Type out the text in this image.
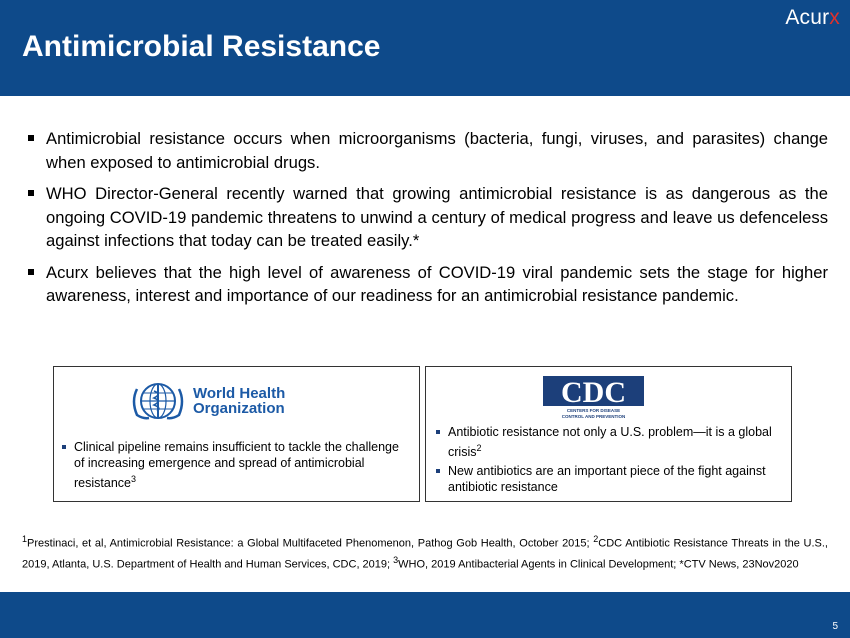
Acurx
Antimicrobial Resistance
Antimicrobial resistance occurs when microorganisms (bacteria, fungi, viruses, and parasites) change when exposed to antimicrobial drugs.
WHO Director-General recently warned that growing antimicrobial resistance is as dangerous as the ongoing COVID-19 pandemic threatens to unwind a century of medical progress and leave us defenceless against infections that today can be treated easily.*
Acurx believes that the high level of awareness of COVID-19 viral pandemic sets the stage for higher awareness, interest and importance of our readiness for an antimicrobial resistance pandemic.
World Health
Organization
Clinical pipeline remains insufficient to tackle the challenge of increasing emergence and spread of antimicrobial resistance$^3$
CDC
CENTERS FOR DISEASE
CONTROL AND PREVENTION
Antibiotic resistance not only a U.S. problem—it is a global crisis$^2$
New antibiotics are an important piece of the fight against antibiotic resistance

$^1$Prestinaci, et al, Antimicrobial Resistance: a Global Multifaceted Phenomenon, Pathog Gob Health, October 2015; $^2$CDC Antibiotic Resistance Threats in the U.S., 2019, Atlanta, U.S. Department of Health and Human Services, CDC, 2019; $^3$WHO, 2019 Antibacterial Agents in Clinical Development; *CTV News, 23Nov2020

5
